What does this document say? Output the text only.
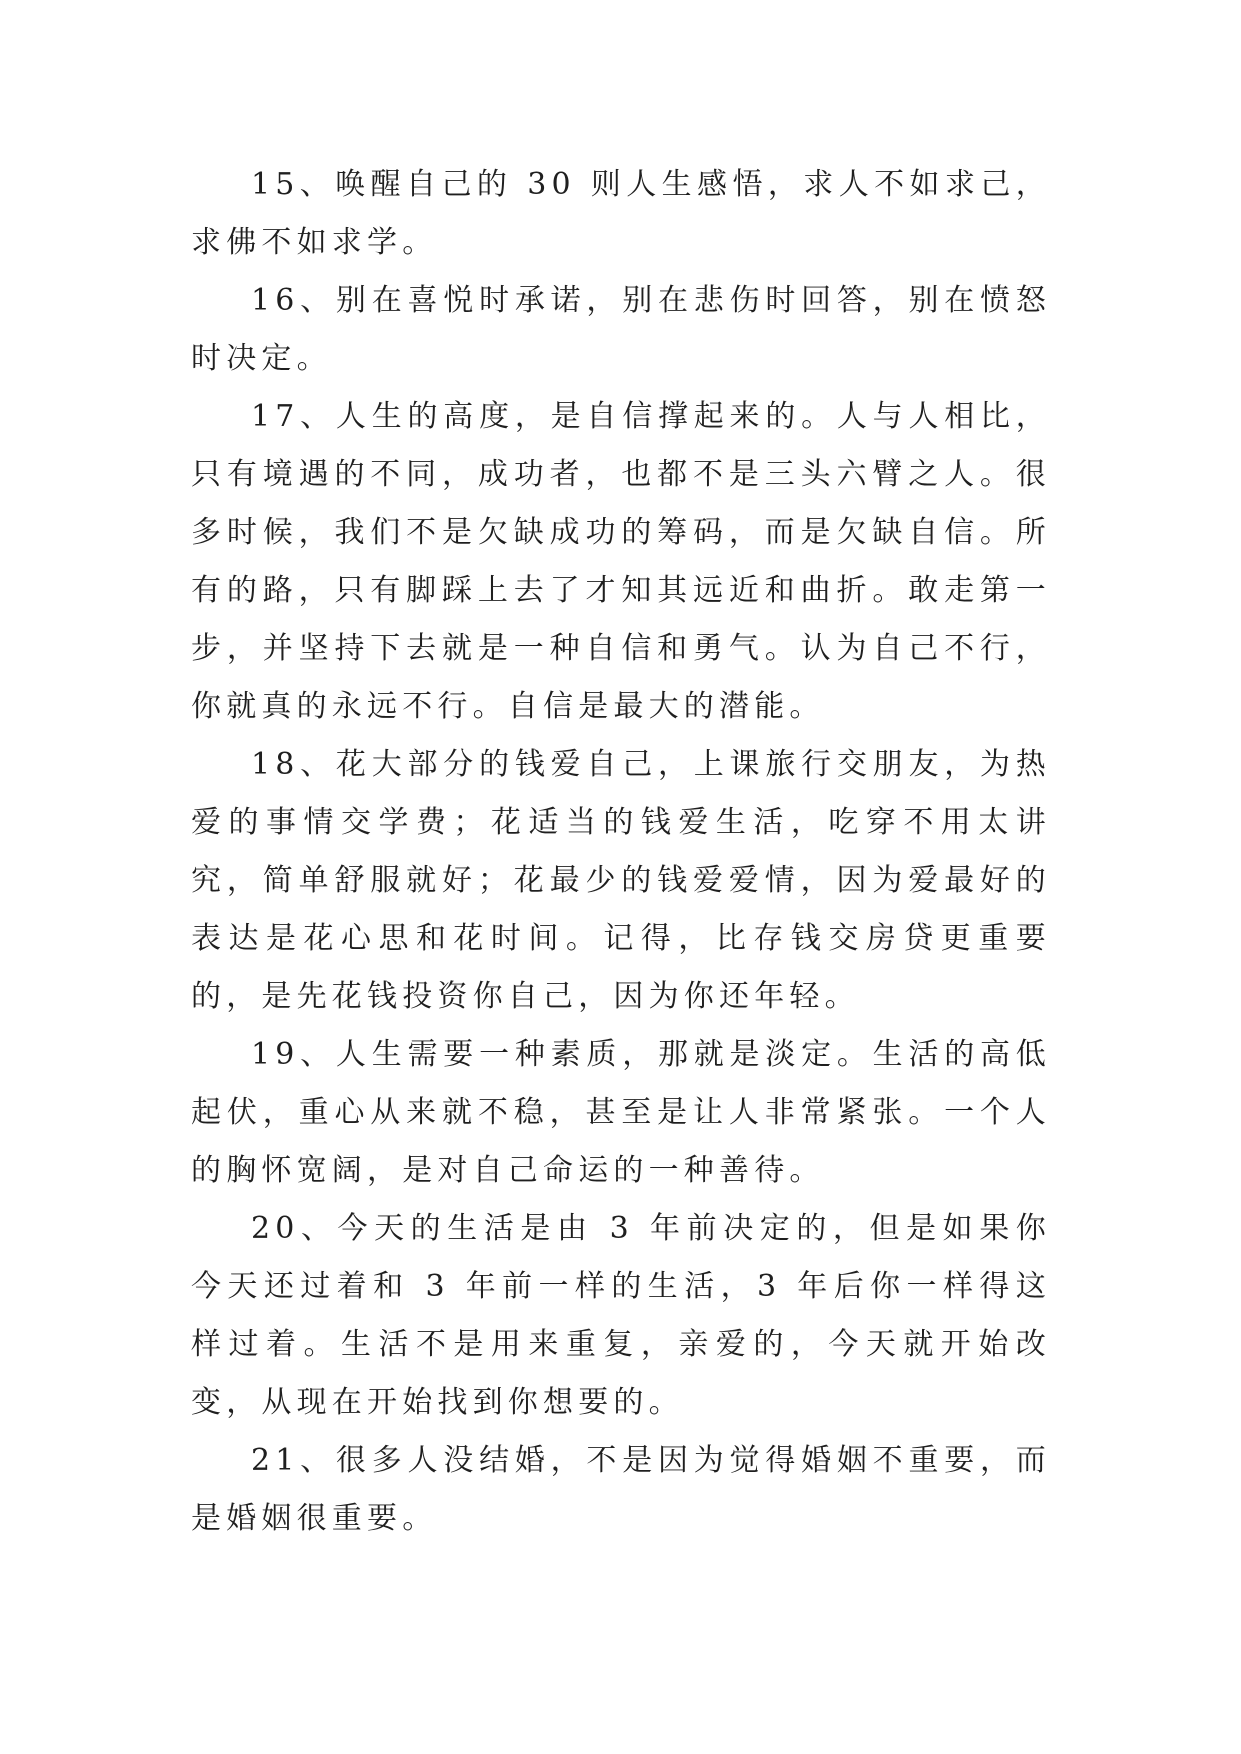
15、唤醒自己的 30 则人生感悟，求人不如求己，求佛不如求学。

16、别在喜悦时承诺，别在悲伤时回答，别在愤怒时决定。

17、人生的高度，是自信撑起来的。人与人相比，只有境遇的不同，成功者，也都不是三头六臂之人。很多时候，我们不是欠缺成功的筹码，而是欠缺自信。所有的路，只有脚踩上去了才知其远近和曲折。敢走第一步，并坚持下去就是一种自信和勇气。认为自己不行，你就真的永远不行。自信是最大的潜能。

18、花大部分的钱爱自己，上课旅行交朋友，为热爱的事情交学费；花适当的钱爱生活，吃穿不用太讲究，简单舒服就好；花最少的钱爱爱情，因为爱最好的表达是花心思和花时间。记得，比存钱交房贷更重要的，是先花钱投资你自己，因为你还年轻。

19、人生需要一种素质，那就是淡定。生活的高低起伏，重心从来就不稳，甚至是让人非常紧张。一个人的胸怀宽阔，是对自己命运的一种善待。

20、今天的生活是由 3 年前决定的，但是如果你今天还过着和 3 年前一样的生活，3 年后你一样得这样过着。生活不是用来重复，亲爱的，今天就开始改变，从现在开始找到你想要的。

21、很多人没结婚，不是因为觉得婚姻不重要，而是婚姻很重要。
